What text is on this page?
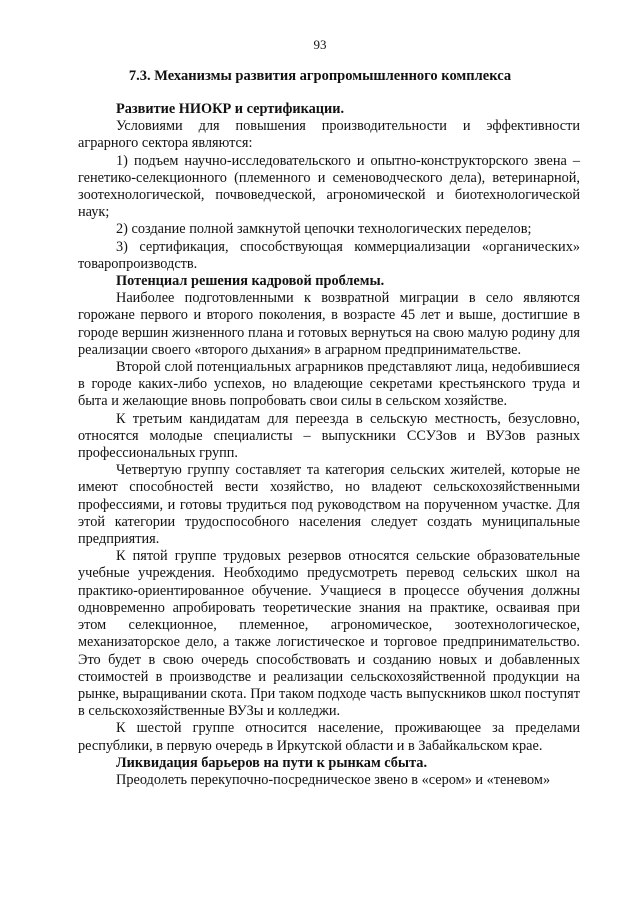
93
7.3. Механизмы развития агропромышленного комплекса

Развитие НИОКР и сертификации.

Условиями для повышения производительности и эффективности аграрного сектора являются:

1) подъем научно-исследовательского и опытно-конструкторского звена – генетико-селекционного (племенного и семеноводческого дела), ветеринарной, зоотехнологической, почвоведческой, агрономической и биотехнологической наук;

2) создание полной замкнутой цепочки технологических переделов;

3) сертификация, способствующая коммерциализации «органических» товаропроизводств.

Потенциал решения кадровой проблемы.

Наиболее подготовленными к возвратной миграции в село являются горожане первого и второго поколения, в возрасте 45 лет и выше, достигшие в городе вершин жизненного плана и готовых вернуться на свою малую родину для реализации своего «второго дыхания» в аграрном предпринимательстве.

Второй слой потенциальных аграрников представляют лица, недобившиеся в городе каких-либо успехов, но владеющие секретами крестьянского труда и быта и желающие вновь попробовать свои силы в сельском хозяйстве.

К третьим кандидатам для переезда в сельскую местность, безусловно, относятся молодые специалисты – выпускники ССУЗов и ВУЗов разных профессиональных групп.

Четвертую группу составляет та категория сельских жителей, которые не имеют способностей вести хозяйство, но владеют сельскохозяйственными профессиями, и готовы трудиться под руководством на порученном участке. Для этой категории трудоспособного населения следует создать муниципальные предприятия.

К пятой группе трудовых резервов относятся сельские образовательные учебные учреждения. Необходимо предусмотреть перевод сельских школ на практико-ориентированное обучение. Учащиеся в процессе обучения должны одновременно апробировать теоретические знания на практике, осваивая при этом селекционное, племенное, агрономическое, зоотехнологическое, механизаторское дело, а также логистическое и торговое предпринимательство. Это будет в свою очередь способствовать и созданию новых и добавленных стоимостей в производстве и реализации сельскохозяйственной продукции на рынке, выращивании скота. При таком подходе часть выпускников школ поступят в сельскохозяйственные ВУЗы и колледжи.

К шестой группе относится население, проживающее за пределами республики, в первую очередь в Иркутской области и в Забайкальском крае.

Ликвидация барьеров на пути к рынкам сбыта.

Преодолеть перекупочно-посредническое звено в «сером» и «теневом»
